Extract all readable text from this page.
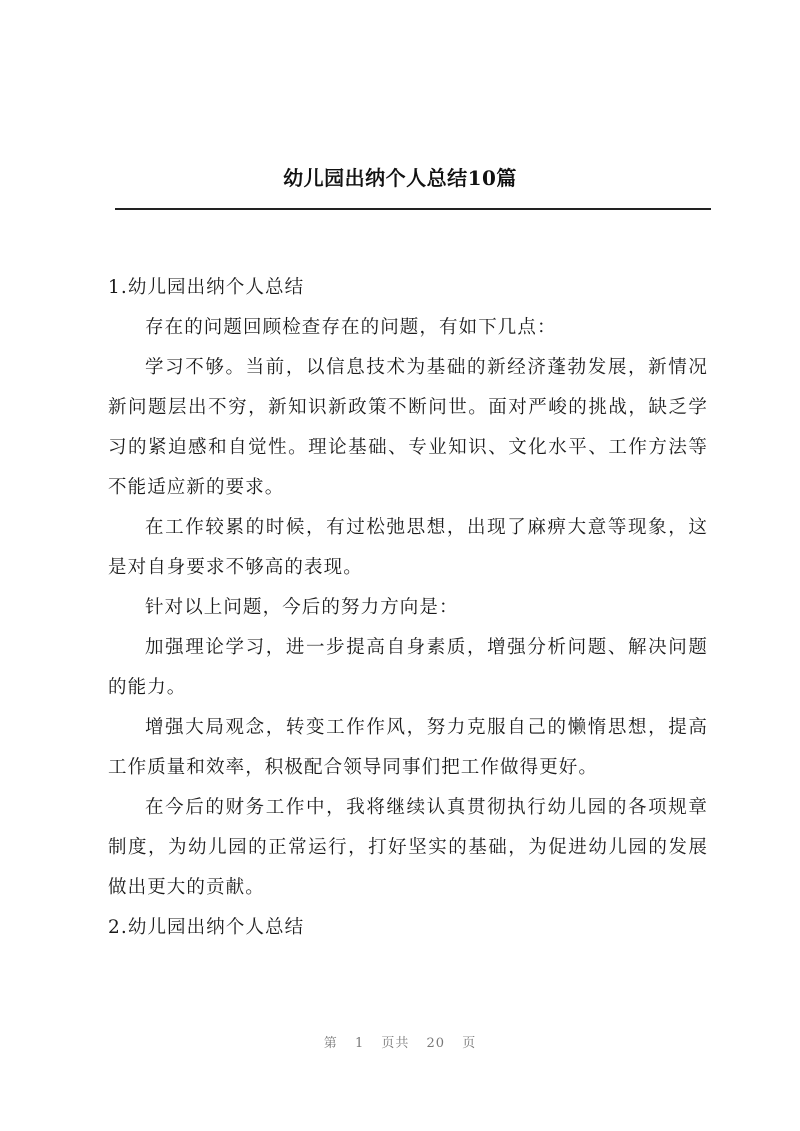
幼儿园出纳个人总结10篇

1.幼儿园出纳个人总结

存在的问题回顾检查存在的问题，有如下几点：

学习不够。当前，以信息技术为基础的新经济蓬勃发展，新情况新问题层出不穷，新知识新政策不断问世。面对严峻的挑战，缺乏学习的紧迫感和自觉性。理论基础、专业知识、文化水平、工作方法等不能适应新的要求。

在工作较累的时候，有过松弛思想，出现了麻痹大意等现象，这是对自身要求不够高的表现。

针对以上问题，今后的努力方向是：

加强理论学习，进一步提高自身素质，增强分析问题、解决问题的能力。

增强大局观念，转变工作作风，努力克服自己的懒惰思想，提高工作质量和效率，积极配合领导同事们把工作做得更好。

在今后的财务工作中，我将继续认真贯彻执行幼儿园的各项规章制度，为幼儿园的正常运行，打好坚实的基础，为促进幼儿园的发展做出更大的贡献。

2.幼儿园出纳个人总结

第 1 页共 20 页
